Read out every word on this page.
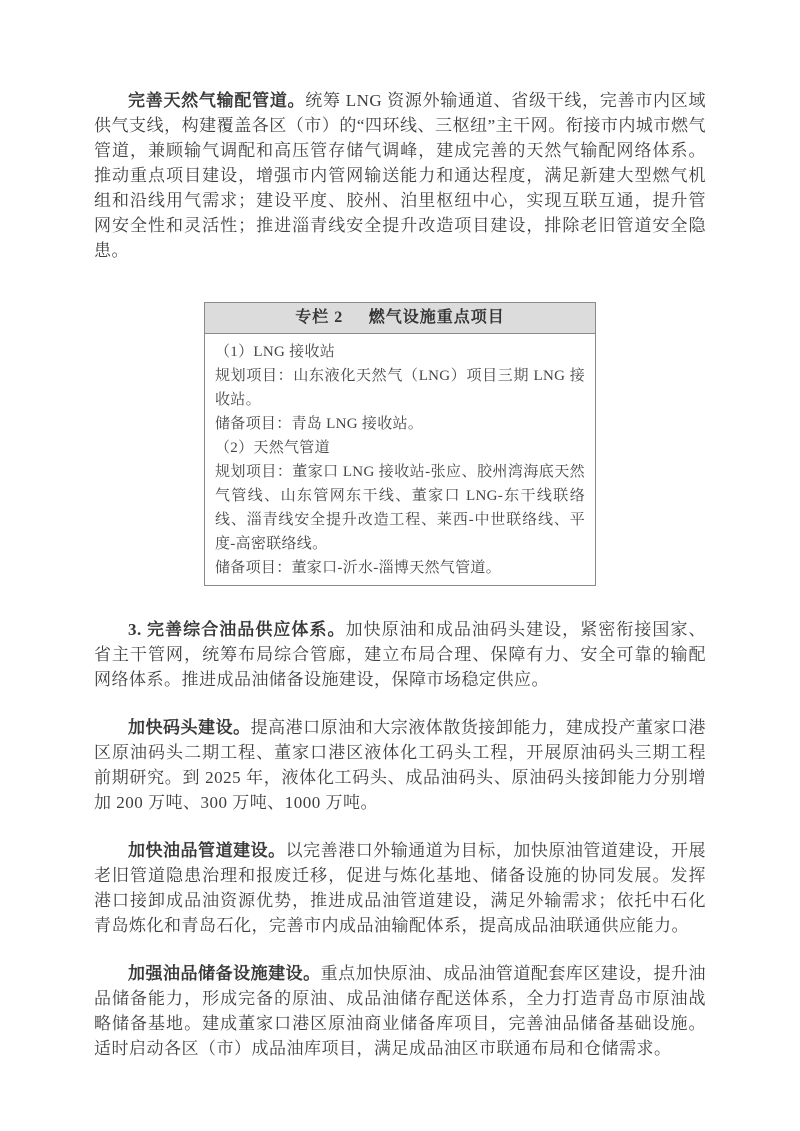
完善天然气输配管道。统筹 LNG 资源外输通道、省级干线，完善市内区域供气支线，构建覆盖各区（市）的“四环线、三枢纽”主干网。衔接市内城市燃气管道，兼顾输气调配和高压管存储气调峰，建成完善的天然气输配网络体系。推动重点项目建设，增强市内管网输送能力和通达程度，满足新建大型燃气机组和沿线用气需求；建设平度、胶州、泊里枢纽中心，实现互联互通，提升管网安全性和灵活性；推进淄青线安全提升改造项目建设，排除老旧管道安全隐患。

专栏 2 燃气设施重点项目

（1）LNG 接收站

规划项目：山东液化天然气（LNG）项目三期 LNG 接收站。

储备项目：青岛 LNG 接收站。

（2）天然气管道

规划项目：董家口 LNG 接收站-张应、胶州湾海底天然气管线、山东管网东干线、董家口 LNG-东干线联络线、淄青线安全提升改造工程、莱西-中世联络线、平度-高密联络线。

储备项目：董家口-沂水-淄博天然气管道。

3. 完善综合油品供应体系。加快原油和成品油码头建设，紧密衔接国家、省主干管网，统筹布局综合管廊，建立布局合理、保障有力、安全可靠的输配网络体系。推进成品油储备设施建设，保障市场稳定供应。

加快码头建设。提高港口原油和大宗液体散货接卸能力，建成投产董家口港区原油码头二期工程、董家口港区液体化工码头工程，开展原油码头三期工程前期研究。到 2025 年，液体化工码头、成品油码头、原油码头接卸能力分别增加 200 万吨、300 万吨、1000 万吨。

加快油品管道建设。以完善港口外输通道为目标，加快原油管道建设，开展老旧管道隐患治理和报废迁移，促进与炼化基地、储备设施的协同发展。发挥港口接卸成品油资源优势，推进成品油管道建设，满足外输需求；依托中石化青岛炼化和青岛石化，完善市内成品油输配体系，提高成品油联通供应能力。

加强油品储备设施建设。重点加快原油、成品油管道配套库区建设，提升油品储备能力，形成完备的原油、成品油储存配送体系，全力打造青岛市原油战略储备基地。建成董家口港区原油商业储备库项目，完善油品储备基础设施。适时启动各区（市）成品油库项目，满足成品油区市联通布局和仓储需求。
